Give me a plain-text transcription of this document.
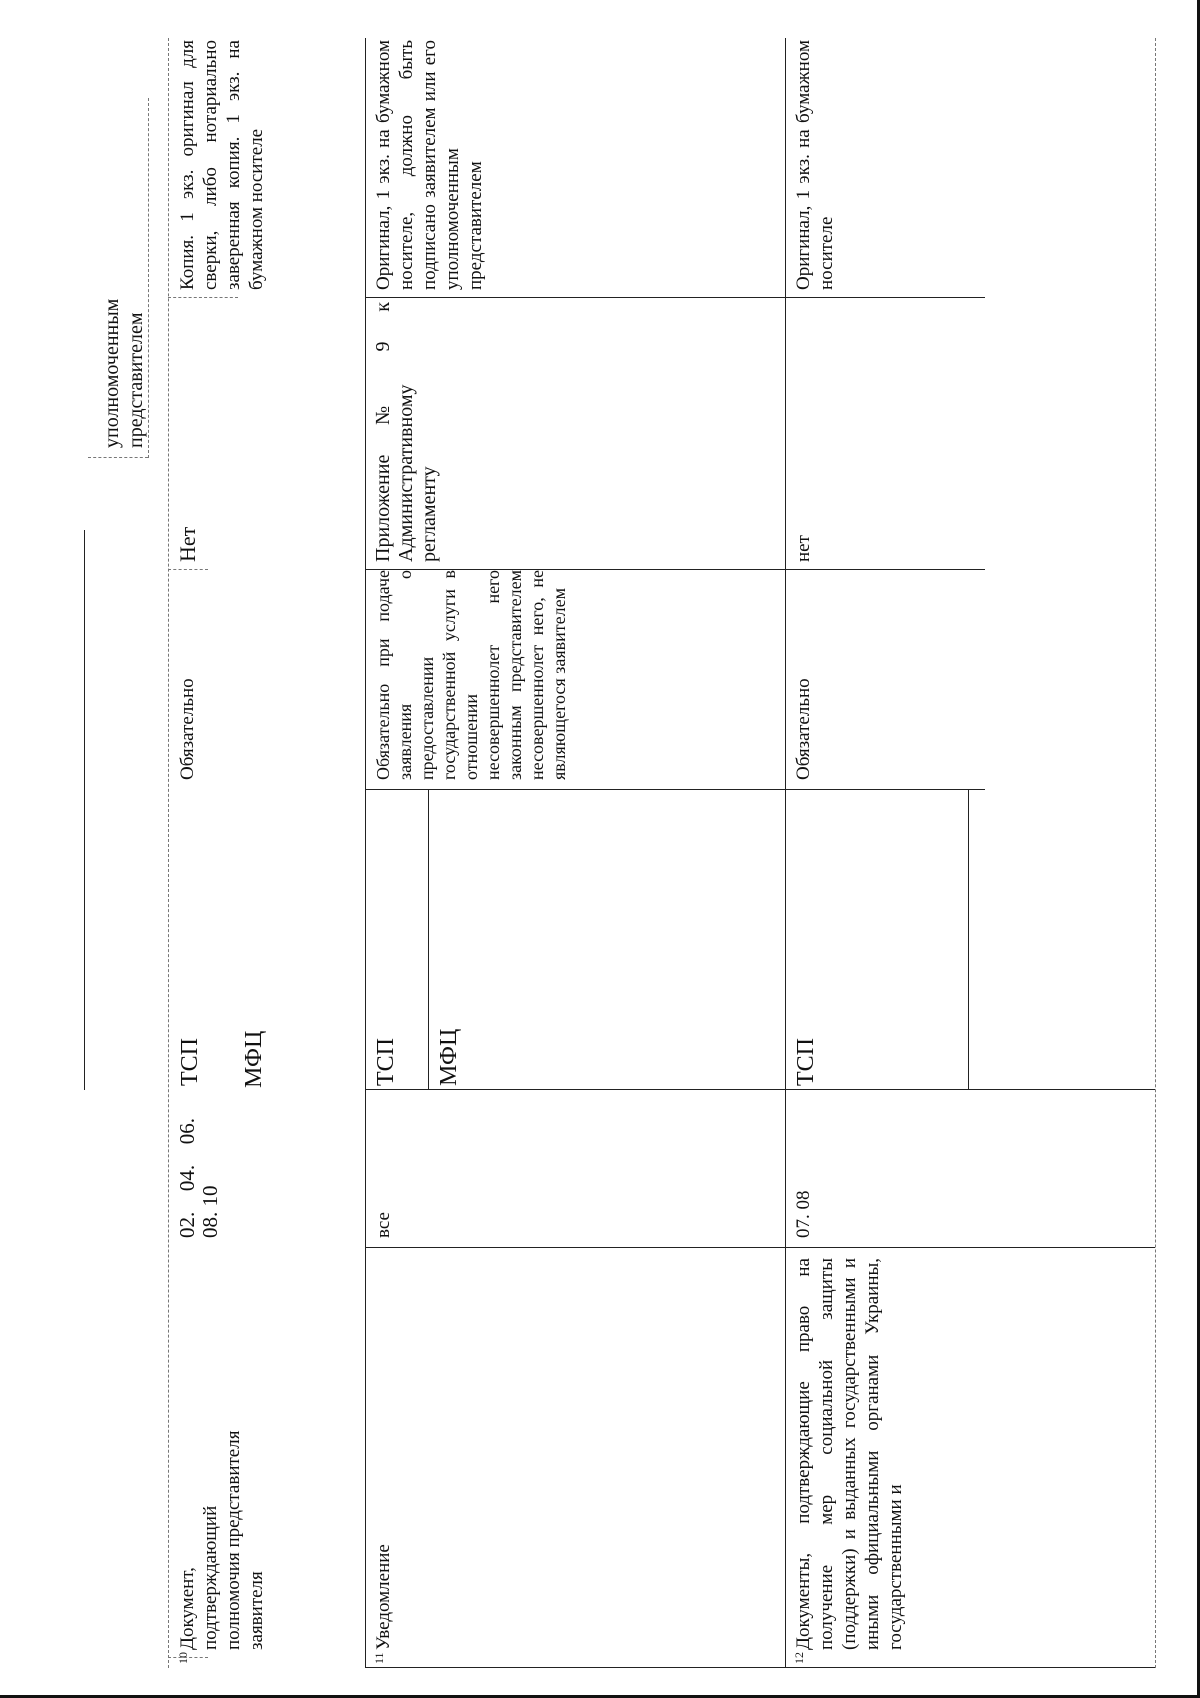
уполномоченным
представителем
10
Документ, подтверждающий полномочия представителя заявителя
02. 04. 06. 08. 10
ТСП МФЦ
Обязательно
Нет
Копия. 1 экз. оригинал для сверки, либо нотариально заверенная копия. 1 экз. на бумажном носителе
11
Уведомление
все
ТСП МФЦ
Обязательно при подаче заявления о предоставлении государственной услуги в отношении несовершеннолет него законным представителем несовершеннолет него, не являющегося заявителем
Приложение № 9 к Административному регламенту
Оригинал, 1 экз. на бумажном носителе, должно быть подписано заявителем или его уполномоченным представителем
12
Документы, подтверждающие право на получение мер социальной защиты (поддержки) и выданных государственными и иными официальными органами Украины, государственными и
07. 08
ТСП
Обязательно
нет
Оригинал, 1 экз. на бумажном носителе
